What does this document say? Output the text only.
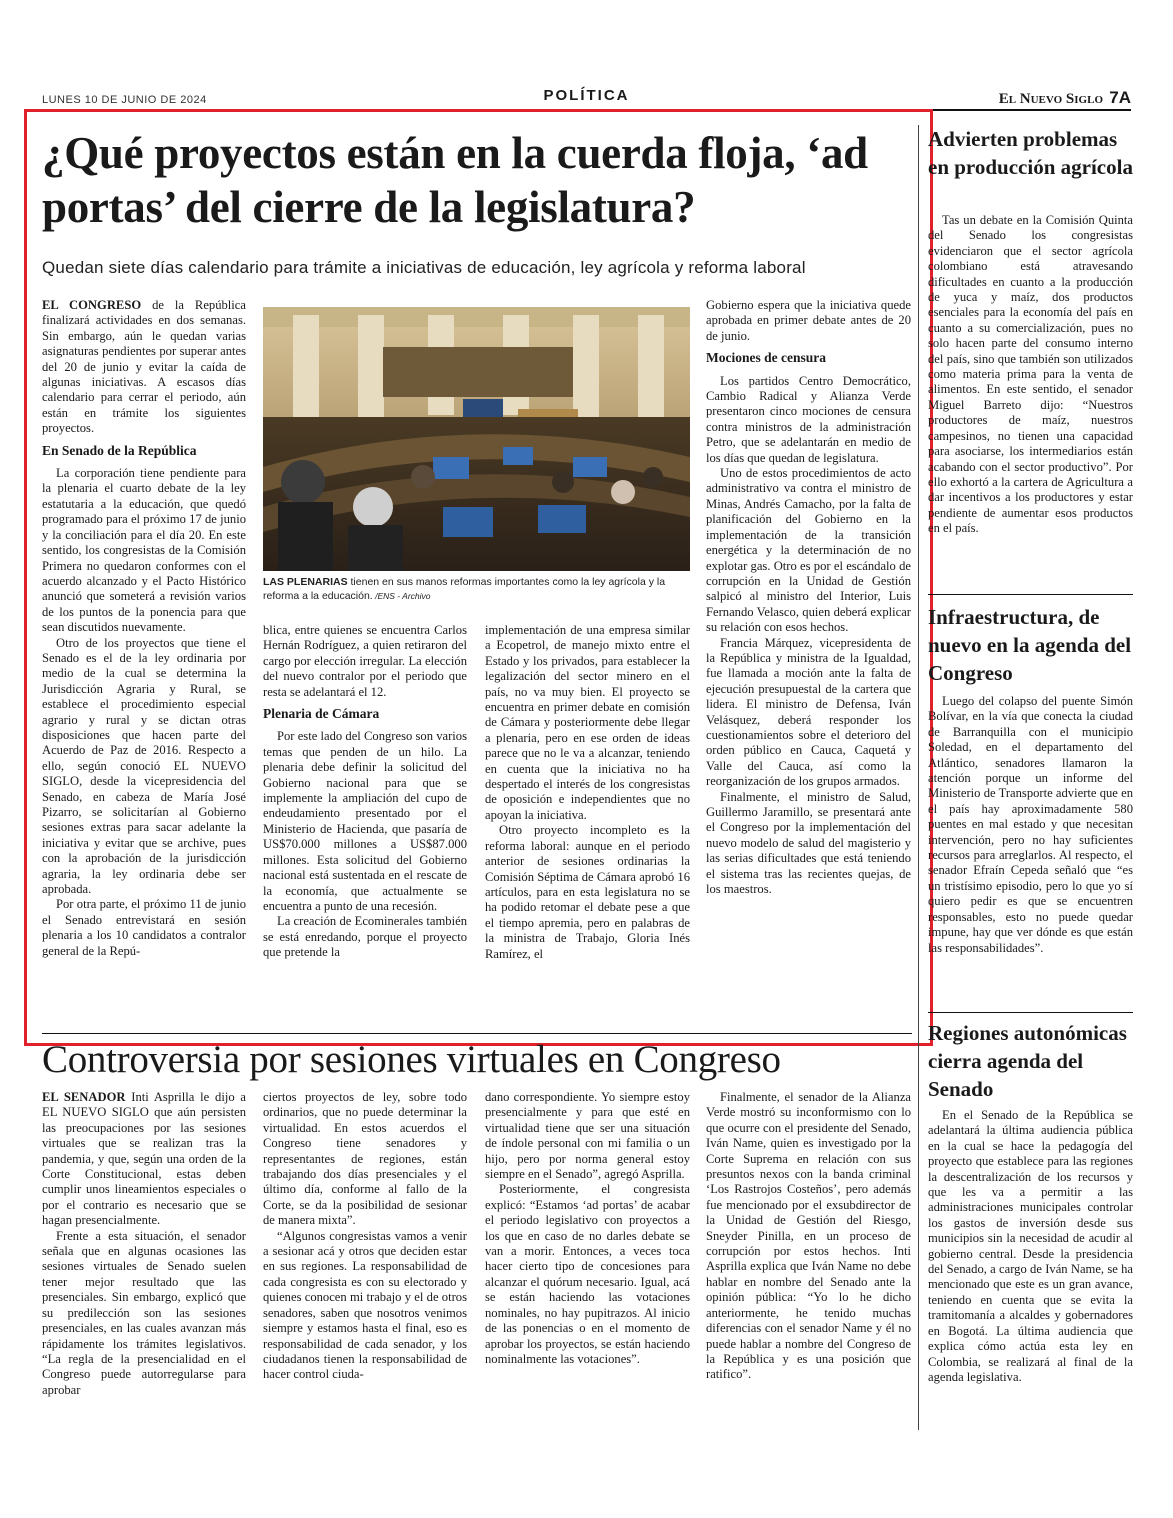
LUNES 10 DE JUNIO DE 2024	POLÍTICA	El Nuevo Siglo 7A
¿Qué proyectos están en la cuerda floja, ‘ad portas’ del cierre de la legislatura?
Quedan siete días calendario para trámite a iniciativas de educación, ley agrícola y reforma laboral

EL CONGRESO de la República finalizará actividades en dos semanas. Sin embargo, aún le quedan varias asignaturas pendientes por superar antes del 20 de junio y evitar la caída de algunas iniciativas. A escasos días calendario para cerrar el periodo, aún están en trámite los siguientes proyectos.

En Senado de la República

La corporación tiene pendiente para la plenaria el cuarto debate de la ley estatutaria a la educación, que quedó programado para el próximo 17 de junio y la conciliación para el día 20. En este sentido, los congresistas de la Comisión Primera no quedaron conformes con el acuerdo alcanzado y el Pacto Histórico anunció que someterá a revisión varios de los puntos de la ponencia para que sean discutidos nuevamente.

Otro de los proyectos que tiene el Senado es el de la ley ordinaria por medio de la cual se determina la Jurisdicción Agraria y Rural, se establece el procedimiento especial agrario y rural y se dictan otras disposiciones que hacen parte del Acuerdo de Paz de 2016. Respecto a ello, según conoció EL NUEVO SIGLO, desde la vicepresidencia del Senado, en cabeza de María José Pizarro, se solicitarían al Gobierno sesiones extras para sacar adelante la iniciativa y evitar que se archive, pues con la aprobación de la jurisdicción agraria, la ley ordinaria debe ser aprobada.

Por otra parte, el próximo 11 de junio el Senado entrevistará en sesión plenaria a los 10 candidatos a contralor general de la Repú-

LAS PLENARIAS tienen en sus manos reformas importantes como la ley agrícola y la reforma a la educación. /ENS - Archivo

blica, entre quienes se encuentra Carlos Hernán Rodríguez, a quien retiraron del cargo por elección irregular. La elección del nuevo contralor por el periodo que resta se adelantará el 12.

Plenaria de Cámara

Por este lado del Congreso son varios temas que penden de un hilo. La plenaria debe definir la solicitud del Gobierno nacional para que se implemente la ampliación del cupo de endeudamiento presentado por el Ministerio de Hacienda, que pasaría de US$70.000 millones a US$87.000 millones. Esta solicitud del Gobierno nacional está sustentada en el rescate de la economía, que actualmente se encuentra a punto de una recesión.

La creación de Ecominerales también se está enredando, porque el proyecto que pretende la

implementación de una empresa similar a Ecopetrol, de manejo mixto entre el Estado y los privados, para establecer la legalización del sector minero en el país, no va muy bien. El proyecto se encuentra en primer debate en comisión de Cámara y posteriormente debe llegar a plenaria, pero en ese orden de ideas parece que no le va a alcanzar, teniendo en cuenta que la iniciativa no ha despertado el interés de los congresistas de oposición e independientes que no apoyan la iniciativa.

Otro proyecto incompleto es la reforma laboral: aunque en el periodo anterior de sesiones ordinarias la Comisión Séptima de Cámara aprobó 16 artículos, para en esta legislatura no se ha podido retomar el debate pese a que el tiempo apremia, pero en palabras de la ministra de Trabajo, Gloria Inés Ramírez, el

Gobierno espera que la iniciativa quede aprobada en primer debate antes de 20 de junio.

Mociones de censura

Los partidos Centro Democrático, Cambio Radical y Alianza Verde presentaron cinco mociones de censura contra ministros de la administración Petro, que se adelantarán en medio de los días que quedan de legislatura.

Uno de estos procedimientos de acto administrativo va contra el ministro de Minas, Andrés Camacho, por la falta de planificación del Gobierno en la implementación de la transición energética y la determinación de no explotar gas. Otro es por el escándalo de corrupción en la Unidad de Gestión salpicó al ministro del Interior, Luis Fernando Velasco, quien deberá explicar su relación con esos hechos.

Francia Márquez, vicepresidenta de la República y ministra de la Igualdad, fue llamada a moción ante la falta de ejecución presupuestal de la cartera que lidera. El ministro de Defensa, Iván Velásquez, deberá responder los cuestionamientos sobre el deterioro del orden público en Cauca, Caquetá y Valle del Cauca, así como la reorganización de los grupos armados.

Finalmente, el ministro de Salud, Guillermo Jaramillo, se presentará ante el Congreso por la implementación del nuevo modelo de salud del magisterio y las serias dificultades que está teniendo el sistema tras las recientes quejas, de los maestros.

Controversia por sesiones virtuales en Congreso

EL SENADOR Inti Asprilla le dijo a EL NUEVO SIGLO que aún persisten las preocupaciones por las sesiones virtuales que se realizan tras la pandemia, y que, según una orden de la Corte Constitucional, estas deben cumplir unos lineamientos especiales o por el contrario es necesario que se hagan presencialmente.

Frente a esta situación, el senador señala que en algunas ocasiones las sesiones virtuales de Senado suelen tener mejor resultado que las presenciales. Sin embargo, explicó que su predilección son las sesiones presenciales, en las cuales avanzan más rápidamente los trámites legislativos. “La regla de la presencialidad en el Congreso puede autorregularse para aprobar

ciertos proyectos de ley, sobre todo ordinarios, que no puede determinar la virtualidad. En estos acuerdos el Congreso tiene senadores y representantes de regiones, están trabajando dos días presenciales y el último día, conforme al fallo de la Corte, se da la posibilidad de sesionar de manera mixta”.

“Algunos congresistas vamos a venir a sesionar acá y otros que deciden estar en sus regiones. La responsabilidad de cada congresista es con su electorado y quienes conocen mi trabajo y el de otros senadores, saben que nosotros venimos siempre y estamos hasta el final, eso es responsabilidad de cada senador, y los ciudadanos tienen la responsabilidad de hacer control ciuda-

dano correspondiente. Yo siempre estoy presencialmente y para que esté en virtualidad tiene que ser una situación de índole personal con mi familia o un hijo, pero por norma general estoy siempre en el Senado”, agregó Asprilla.

Posteriormente, el congresista explicó: “Estamos ‘ad portas’ de acabar el periodo legislativo con proyectos a los que en caso de no darles debate se van a morir. Entonces, a veces toca hacer cierto tipo de concesiones para alcanzar el quórum necesario. Igual, acá se están haciendo las votaciones nominales, no hay pupitrazos. Al inicio de las ponencias o en el momento de aprobar los proyectos, se están haciendo nominalmente las votaciones”.

Finalmente, el senador de la Alianza Verde mostró su inconformismo con lo que ocurre con el presidente del Senado, Iván Name, quien es investigado por la Corte Suprema en relación con sus presuntos nexos con la banda criminal ‘Los Rastrojos Costeños’, pero además fue mencionado por el exsubdirector de la Unidad de Gestión del Riesgo, Sneyder Pinilla, en un proceso de corrupción por estos hechos. Inti Asprilla explica que Iván Name no debe hablar en nombre del Senado ante la opinión pública: “Yo lo he dicho anteriormente, he tenido muchas diferencias con el senador Name y él no puede hablar a nombre del Congreso de la República y es una posición que ratifico”.

Advierten problemas en producción agrícola

Tas un debate en la Comisión Quinta del Senado los congresistas evidenciaron que el sector agrícola colombiano está atravesando dificultades en cuanto a la producción de yuca y maíz, dos productos esenciales para la economía del país en cuanto a su comercialización, pues no solo hacen parte del consumo interno del país, sino que también son utilizados como materia prima para la venta de alimentos. En este sentido, el senador Miguel Barreto dijo: “Nuestros productores de maíz, nuestros campesinos, no tienen una capacidad para asociarse, los intermediarios están acabando con el sector productivo”. Por ello exhortó a la cartera de Agricultura a dar incentivos a los productores y estar pendiente de aumentar esos productos en el país.

Infraestructura, de nuevo en la agenda del Congreso

Luego del colapso del puente Simón Bolívar, en la vía que conecta la ciudad de Barranquilla con el municipio Soledad, en el departamento del Atlántico, senadores llamaron la atención porque un informe del Ministerio de Transporte advierte que en el país hay aproximadamente 580 puentes en mal estado y que necesitan intervención, pero no hay suficientes recursos para arreglarlos. Al respecto, el senador Efraín Cepeda señaló que “es un tristísimo episodio, pero lo que yo sí quiero pedir es que se encuentren responsables, esto no puede quedar impune, hay que ver dónde es que están las responsabilidades”.

Regiones autonómicas cierra agenda del Senado

En el Senado de la República se adelantará la última audiencia pública en la cual se hace la pedagogía del proyecto que establece para las regiones la descentralización de los recursos y que les va a permitir a las administraciones municipales controlar los gastos de inversión desde sus municipios sin la necesidad de acudir al gobierno central. Desde la presidencia del Senado, a cargo de Iván Name, se ha mencionado que este es un gran avance, teniendo en cuenta que se evita la tramitomanía a alcaldes y gobernadores en Bogotá. La última audiencia que explica cómo actúa esta ley en Colombia, se realizará al final de la agenda legislativa.
